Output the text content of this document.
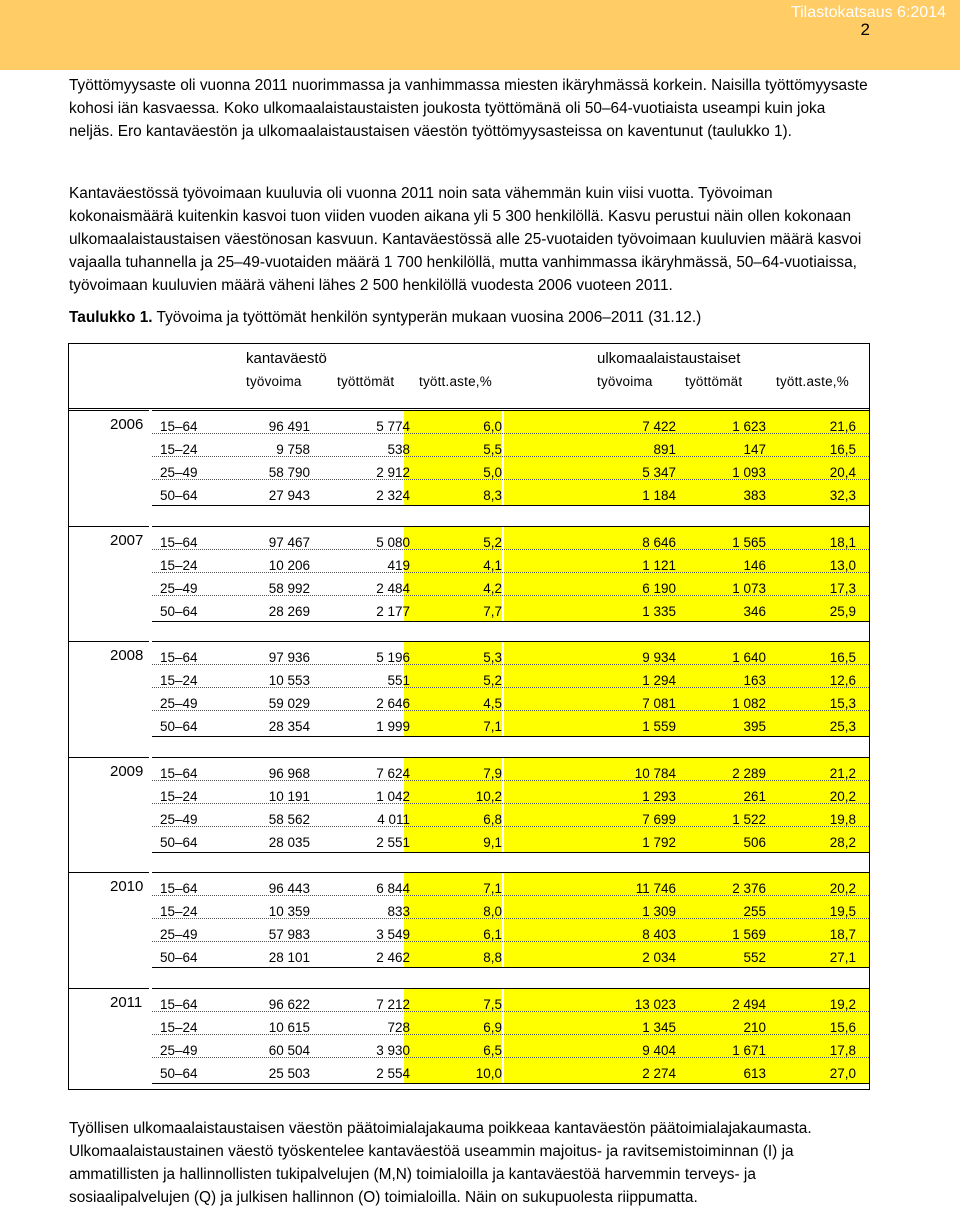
Tilastokatsaus 6:2014
2

Työttömyysaste oli vuonna 2011 nuorimmassa ja vanhimmassa miesten ikäryhmässä korkein. Naisilla työttömyysaste kohosi iän kasvaessa. Koko ulkomaalaistaustaisten joukosta työttömänä oli 50–64-vuotiaista useampi kuin joka neljäs. Ero kantaväestön ja ulkomaalaistaustaisen väestön työttömyysasteissa on kaventunut (taulukko 1).

Kantaväestössä työvoimaan kuuluvia oli vuonna 2011 noin sata vähemmän kuin viisi vuotta. Työvoiman kokonaismäärä kuitenkin kasvoi tuon viiden vuoden aikana yli 5 300 henkilöllä. Kasvu perustui näin ollen kokonaan ulkomaalaistaustaisen väestönosan kasvuun. Kantaväestössä alle 25-vuotaiden työvoimaan kuuluvien määrä kasvoi vajaalla tuhannella ja 25–49-vuotaiden määrä 1 700 henkilöllä, mutta vanhimmassa ikäryhmässä, 50–64-vuotiaissa, työvoimaan kuuluvien määrä väheni lähes 2 500 henkilöllä vuodesta 2006 vuoteen 2011.

Taulukko 1. Työvoima ja työttömät henkilön syntyperän mukaan vuosina 2006–2011 (31.12.)
kantaväestö	ulkomaalaistaustaiset
työvoima	työttömät tyött.aste,%	työvoima työttömät tyött.aste,%
2006 15–64	96 491	5 774	6,0	7 422	1 623	21,6
15–24	9 758	538	5,5	891	147	16,5
25–49	58 790	2 912	5,0	5 347	1 093	20,4
50–64	27 943	2 324	8,3	1 184	383	32,3
2007 15–64	97 467	5 080	5,2	8 646	1 565	18,1
15–24	10 206	419	4,1	1 121	146	13,0
25–49	58 992	2 484	4,2	6 190	1 073	17,3
50–64	28 269	2 177	7,7	1 335	346	25,9
2008 15–64	97 936	5 196	5,3	9 934	1 640	16,5
15–24	10 553	551	5,2	1 294	163	12,6
25–49	59 029	2 646	4,5	7 081	1 082	15,3
50–64	28 354	1 999	7,1	1 559	395	25,3
2009 15–64	96 968	7 624	7,9	10 784	2 289	21,2
15–24	10 191	1 042	10,2	1 293	261	20,2
25–49	58 562	4 011	6,8	7 699	1 522	19,8
50–64	28 035	2 551	9,1	1 792	506	28,2
2010 15–64	96 443	6 844	7,1	11 746	2 376	20,2
15–24	10 359	833	8,0	1 309	255	19,5
25–49	57 983	3 549	6,1	8 403	1 569	18,7
50–64	28 101	2 462	8,8	2 034	552	27,1
2011 15–64	96 622	7 212	7,5	13 023	2 494	19,2
15–24	10 615	728	6,9	1 345	210	15,6
25–49	60 504	3 930	6,5	9 404	1 671	17,8
50–64	25 503	2 554	10,0	2 274	613	27,0

Työllisen ulkomaalaistaustaisen väestön päätoimialajakauma poikkeaa kantaväestön päätoimialajakaumasta. Ulkomaalaistaustainen väestö työskentelee kantaväestöä useammin majoitus- ja ravitsemistoiminnan (I) ja ammatillisten ja hallinnollisten tukipalvelujen (M,N) toimialoilla ja kantaväestöä harvemmin terveys- ja sosiaalipalvelujen (Q) ja julkisen hallinnon (O) toimialoilla. Näin on sukupuolesta riippumatta.
